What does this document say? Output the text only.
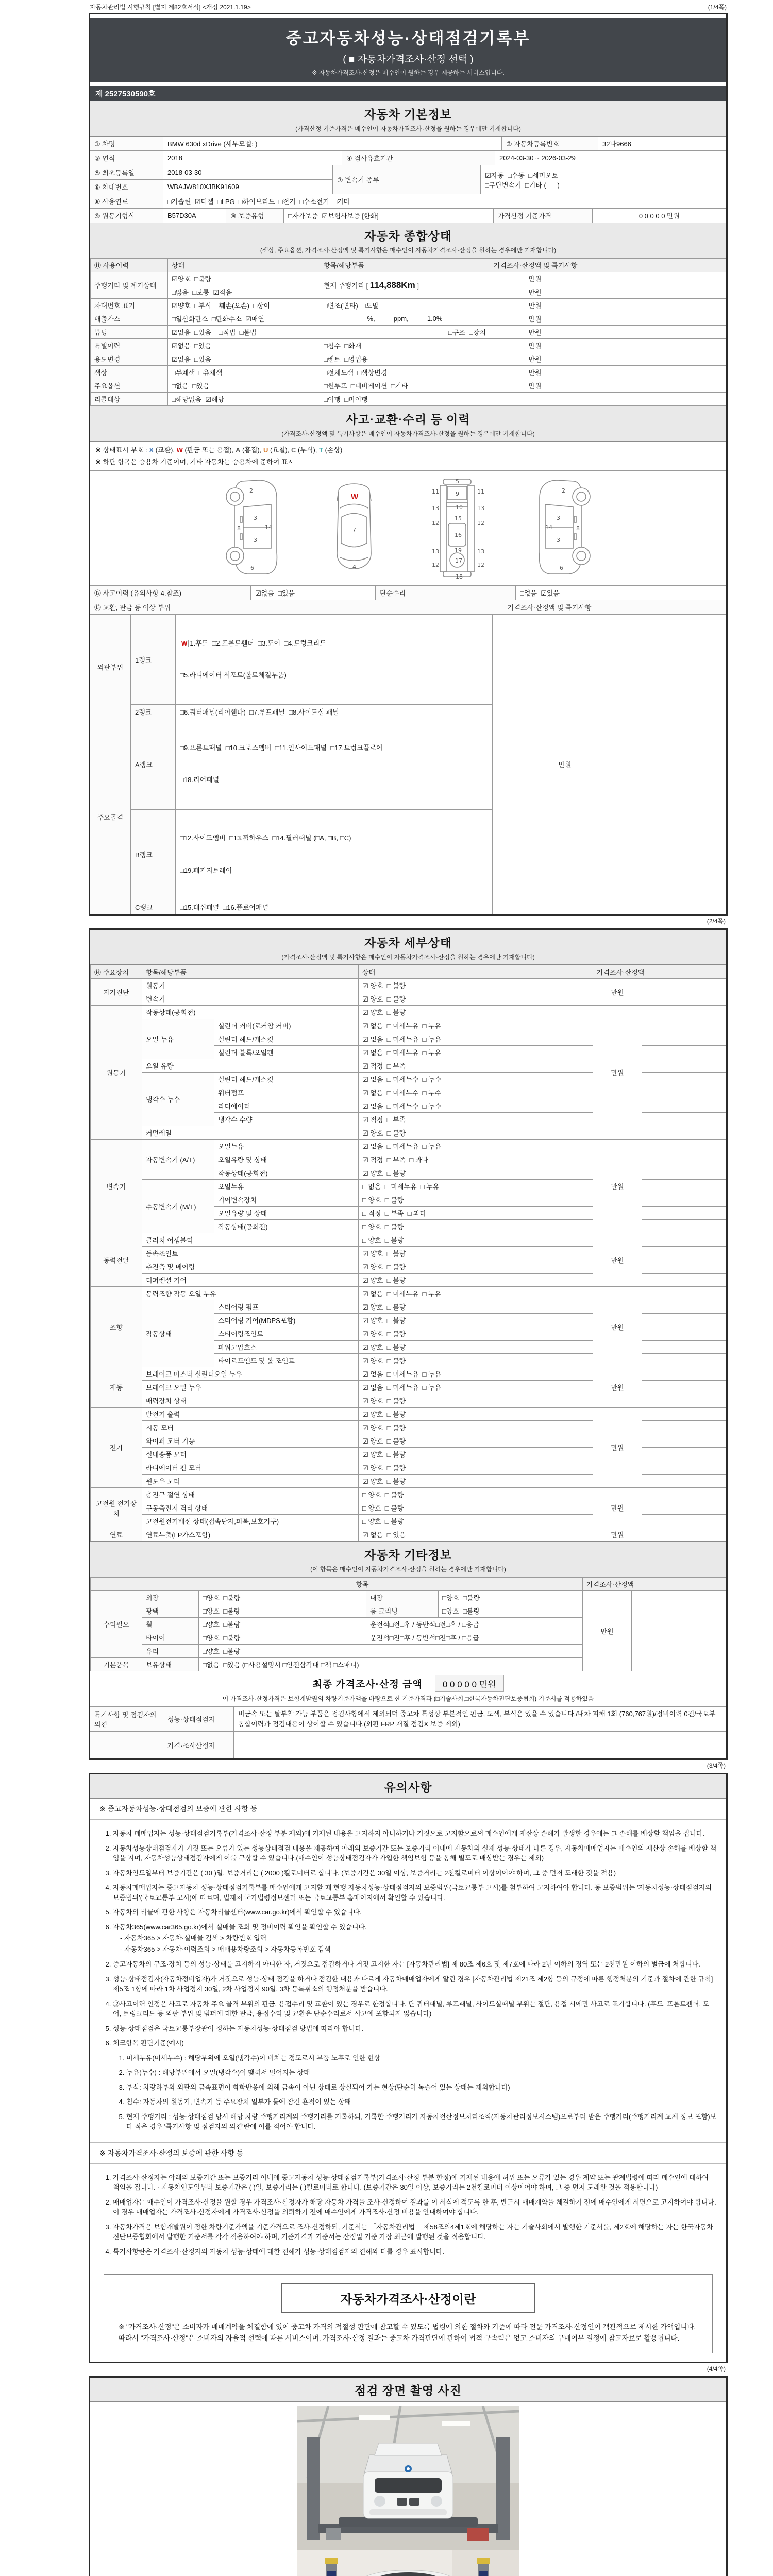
자동차관리법 시행규칙 [별지 제82호서식] <개정 2021.1.19>	(1/4쪽)
중고자동차성능·상태점검기록부
( ■ 자동차가격조사·산정 선택 )
※ 자동차가격조사·산정은 매수인이 원하는 경우 제공하는 서비스입니다.
제 2527530590호
자동차 기본정보
(가격산정 기준가격은 매수인이 자동차가격조사·산정을 원하는 경우에만 기재합니다)
① 차명	BMW 630d xDrive (세부모델: )	② 자동차등록번호	32다9666
③ 연식	2018	④ 검사유효기간	2024-03-30 ~ 2026-03-29
⑤ 최초등록일	2018-03-30
⑥ 차대번호	WBAJW810XJBK91609
⑦ 변속기 종류
☑자동  □수동  □세미오토
□무단변속기  □기타 (      )
⑧ 사용연료	□가솔린  ☑디젤  □LPG  □하이브리드  □전기  □수소전기  □기타
⑨ 원동기형식	B57D30A	⑩ 보증유형	□자가보증  ☑보험사보증 [한화]	가격산정 기준가격	0 0 0 0 0 만원
자동차 종합상태
(색상, 주요옵션, 가격조사·산정액 및 특기사항은 매수인이 자동차가격조사·산정을 원하는 경우에만 기재합니다)
⑪ 사용이력	상태	항목/해당부품	가격조사·산정액 및 특기사항	
주행거리 및 계기상태	☑양호  □불량	현재 주행거리 [ 114,888Km ]	만원	
	□많음  □보통  ☑적음		만원	
차대번호 표기	☑양호  □부식  □훼손(오손)  □상이	□변조(변타)  □도말	만원	
배출가스	□일산화탄소  □탄화수소  ☑매연	%,          ppm,          1.0%	만원	
튜닝	☑없음  □있음 □적법  □불법	□구조  □장치	만원	
특별이력	☑없음  □있음	□침수  □화재	만원	
용도변경	☑없음  □있음	□렌트  □영업용	만원	
색상	□무채색  □유채색	□전체도색  □색상변경	만원	
주요옵션	□없음  □있음	□썬루프  □네비게이션  □기타	만원	
리콜대상	□해당없음  ☑해당	□이행  □미이행		
사고·교환·수리 등 이력
(가격조사·산정액 및 특기사항은 매수인이 자동차가격조사·산정을 원하는 경우에만 기재합니다)
※ 상태표시 부호 : X (교환), W (판금 또는 용접), A (흠집), U (요철), C (부식), T (손상)
※ 하단 항목은 승용차 기준이며, 기타 자동차는 승용차에 준하여 표시
2
8
3
14
3
6
W
7
4
5
9
10
11	11
13	13
12	12
15
16
19
13	13
12	12
17
18
2
8
3
14
3
6
⑫ 사고이력 (유의사항 4.참조)	☑없음  □있음	단순수리	□없음  ☑있음
⑬ 교환, 판금 등 이상 부위	가격조사·산정액 및 특기사항
외판부위
1랭크

W 1.후드  □2.프론트휀더  □3.도어  □4.트렁크리드

□5.라디에이터 서포트(볼트체결부품)

2랭크	□6.쿼터패널(리어휀다)  □7.루프패널  □8.사이드실 패널
주요골격
A랭크

□9.프론트패널  □10.크로스멤버  □11.인사이드패널  □17.트렁크플로어

□18.리어패널

B랭크

□12.사이드멤버  □13.휠하우스  □14.필러패널 (□A, □B, □C)

□19.패키지트레이

C랭크	□15.대쉬패널  □16.플로어패널
만원
(2/4쪽)
자동차 세부상태
(가격조사·산정액 및 특기사항은 매수인이 자동차가격조사·산정을 원하는 경우에만 기재합니다)
⑭ 주요장치	항목/해당부품		상태	가격조사·산정액	
자가진단	원동기		☑ 양호  □ 불량	만원	
	변속기		☑ 양호  □ 불량		
원동기	작동상태(공회전)		☑ 양호  □ 불량	만원	
	오일 누유	실린더 커버(로커암 커버)	☑ 없음  □ 미세누유  □ 누유		
		실린더 헤드/개스킷	☑ 없음  □ 미세누유  □ 누유		
		실린더 블록/오일팬	☑ 없음  □ 미세누유  □ 누유		
	오일 유량		☑ 적정  □ 부족		
	냉각수 누수	실린더 헤드/개스킷	☑ 없음  □ 미세누수  □ 누수		
		워터펌프	☑ 없음  □ 미세누수  □ 누수		
		라디에이터	☑ 없음  □ 미세누수  □ 누수		
		냉각수 수량	☑ 적정  □ 부족		
	커먼레일		☑ 양호  □ 불량		
변속기	자동변속기 (A/T)	오일누유	☑ 없음  □ 미세누유  □ 누유	만원	
		오일유량 및 상태	☑ 적정  □ 부족  □ 과다		
		작동상태(공회전)	☑ 양호  □ 불량		
	수동변속기 (M/T)	오일누유	□ 없음  □ 미세누유  □ 누유		
		기어변속장치	□ 양호  □ 불량		
		오일유량 및 상태	□ 적정  □ 부족  □ 과다		
		작동상태(공회전)	□ 양호  □ 불량		
동력전달	클러치 어셈블리		□ 양호  □ 불량	만원	
	등속죠인트		☑ 양호  □ 불량		
	추진축 및 베어링		☑ 양호  □ 불량		
	디퍼렌셜 기어		☑ 양호  □ 불량		
조향	동력조향 작동 오일 누유		☑ 없음  □ 미세누유  □ 누유	만원	
	작동상태	스티어링 펌프	☑ 양호  □ 불량		
		스티어링 기어(MDPS포함)	☑ 양호  □ 불량		
		스티어링조인트	☑ 양호  □ 불량		
		파워고압호스	☑ 양호  □ 불량		
		타이로드엔드 및 볼 조인트	☑ 양호  □ 불량		
제동	브레이크 마스터 실린더오일 누유		☑ 없음  □ 미세누유  □ 누유	만원	
	브레이크 오일 누유		☑ 없음  □ 미세누유  □ 누유		
	배력장치 상태		☑ 양호  □ 불량		
전기	발전기 출력		☑ 양호  □ 불량	만원	
	시동 모터		☑ 양호  □ 불량		
	와이퍼 모터 기능		☑ 양호  □ 불량		
	실내송풍 모터		☑ 양호  □ 불량		
	라디에이터 팬 모터		☑ 양호  □ 불량		
	윈도우 모터		☑ 양호  □ 불량		
고전원 전기장치	충전구 절연 상태		□ 양호  □ 불량	만원	
	구동축전지 격리 상태		□ 양호  □ 불량		
	고전원전기배선 상태(접속단자,피복,보호기구)		□ 양호  □ 불량		
연료	연료누출(LP가스포함)		☑ 없음  □ 있음	만원	
자동차 기타정보
(이 항목은 매수인이 자동차가격조사·산정을 원하는 경우에만 기재합니다)
	항목				가격조사·산정액	
수리필요	외장	□양호  □불량	내장	□양호  □불량	만원	
	광택	□양호  □불량	룸 크리닝	□양호  □불량		
	휠	□양호  □불량	운전석□전□후 / 동반석□전□후 / □응급			
	타이어	□양호  □불량	운전석□전□후 / 동반석□전□후 / □응급			
	유리	□양호  □불량				
기본품목	보유상태	□없음  □있음 (□사용설명서 □안전삼각대 □잭 □스패너)				
최종 가격조사·산정 금액	0 0 0 0 0 만원
이 가격조사·산정가격은 보험개발원의 차량기준가액을 바탕으로 한 기준가격과 (□기술사회,□한국자동차진단보증협회) 기준서를 적용하였음
특기사항 및 점검자의 의견
성능·상태점검자
비금속 또는 탈부착 가능 부품은 점검사항에서 제외되며 중고차 특성상 부분적인 판금, 도색, 부식은 있을 수 있습니다./내차 피해 1회 (760,767원)/정비이력 0건/국토부 통합이력과 점검내용이 상이할 수 있습니다.(외판 FRP 재질 점검X 보증 제외)
가격·조사산정자
(3/4쪽)
유의사항
※ 중고자동차성능·상태점검의 보증에 관한 사항 등
1. 자동차 매매업자는 성능·상태점검기록부(가격조사·산정 부분 제외)에 기재된 내용을 고지하지 아니하거나 거짓으로 고지함으로써 매수인에게 재산상 손해가 발생한 경우에는 그 손해를 배상할 책임을 집니다.
2. 자동차성능상태점검자가 거짓 또는 오류가 있는 성능상태점검 내용을 제공하여 아래의 보증기간 또는 보증거리 이내에 자동차의 실제 성능·상태가 다른 경우, 자동차매매업자는 매수인의 재산상 손해를 배상할 책임을 지며, 자동차성능상태점검자에게 이를 구상할 수 있습니다.(매수인이 성능상태점검자가 가입한 책임보험 등을 통해 별도로 배상받는 경우는 제외)
3. 자동차인도일부터 보증기간은 ( 30 )일, 보증거리는 ( 2000 )킬로미터로 합니다. (보증기간은 30일 이상, 보증거리는 2천킬로미터 이상이어야 하며, 그 중 먼저 도래한 것을 적용)
4. 자동차매매업자는 중고자동차 성능·상태점검기록부를 매수인에게 고지할 때 현행 자동차성능·상태점검자의 보증범위(국토교통부 고시)를 첨부하여 고지하여야 합니다. 동 보증범위는 '자동차성능·상태점검자의 보증범위'(국토교통부 고시)에 따르며, 법제처 국가법령정보센터 또는 국토교통부 홈페이지에서 확인할 수 있습니다.
5. 자동차의 리콜에 관한 사항은 자동차리콜센터(www.car.go.kr)에서 확인할 수 있습니다.
6. 자동차365(www.car365.go.kr)에서 실매물 조회 및 정비이력 확인을 확인할 수 있습니다.
- 자동차365 > 자동차·실매물 검색 > 차량번호 입력
- 자동차365 > 자동차·이력조회 > 매매용차량조회 > 자동차등록번호 검색
2. 중고자동차의 구조·장치 등의 성능·상태를 고지하지 아니한 자, 거짓으로 점검하거나 거짓 고지한 자는 [자동차관리법] 제 80조 제6호 및 제7호에 따라 2년 이하의 징역 또는 2천만원 이하의 벌금에 처합니다.
3. 성능·상태점검자(자동차정비업자)가 거짓으로 성능·상태 점검을 하거나 점검한 내용과 다르게 자동차매매업자에게 알린 경우 [자동차관리법 제21조 제2항 등의 규정에 따른 행정처분의 기준과 절차에 관한 규칙] 제5조 1항에 따라 1차 사업정지 30일, 2차 사업정지 90일, 3차 등록취소의 행정처분을 받습니다.
4. ⑫사고이력 인정은 사고로 자동차 주요 골격 부위의 판금, 용접수리 및 교환이 있는 경우로 한정합니다. 단 쿼터패널, 루프패널, 사이드실패널 부위는 절단, 용접 시에만 사고로 표기합니다. (후드, 프론트펜더, 도어, 트렁크리드 등 외판 부위 및 범퍼에 대한 판금, 용접수리 및 교환은 단순수리로서 사고에 포함되지 않습니다)
5. 성능·상태점검은 국토교통부장관이 정하는 자동차성능·상태점검 방법에 따라야 합니다.
6. 체크항목 판단기준(예시)
1. 미세누유(미세누수) : 해당부위에 오일(냉각수)이 비치는 정도로서 부품 노후로 인한 현상
2. 누유(누수) : 해당부위에서 오일(냉각수)이 맺혀서 떨어지는 상태
3. 부식: 차량하부와 외판의 금속표면이 화학반응에 의해 금속이 아닌 상태로 상실되어 가는 현상(단순히 녹슬어 있는 상태는 제외합니다)
4. 침수: 자동차의 원동기, 변속기 등 주요장치 일부가 물에 잠긴 흔적이 있는 상태
5. 현재 주행거리 : 성능·상태점검 당시 해당 차량 주행거리계의 주행거리를 기록하되, 기록한 주행거리가 자동차전산정보처리조직(자동차관리정보시스템)으로부터 받은 주행거리(주행거리계 교체 정보 포함)보다 적은 경우 '특기사항 및 점검자의 의견'란에 이를 적어야 합니다.
※ 자동차가격조사·산정의 보증에 관한 사항 등
1. 가격조사·산정자는 아래의 보증기간 또는 보증거리 이내에 중고자동차 성능·상태점검기록부(가격조사·산정 부분 한정)에 기재된 내용에 허위 또는 오류가 있는 경우 계약 또는 관계법령에 따라 매수인에 대하여 책임을 집니다. · 자동차인도일부터 보증기간은 ( )일, 보증거리는 ( )킬로미터로 합니다. (보증기간은 30일 이상, 보증거리는 2천킬로미터 이상이어야 하며, 그 중 먼저 도래한 것을 적용합니다)
2. 매매업자는 매수인이 가격조사·산정을 원할 경우 가격조사·산정자가 해당 자동차 가격을 조사·산정하여 결과를 이 서식에 적도록 한 후, 반드시 매매계약을 체결하기 전에 매수인에게 서면으로 고지하여야 합니다. 이 경우 매매업자는 가격조사·산정자에게 가격조사·산정을 의뢰하기 전에 매수인에게 가격조사·산정 비용을 안내하여야 합니다.
3. 자동차가격은 보험개발원이 정한 차량기준가액을 기준가격으로 조사·산정하되, 기준서는 「자동차관리법」 제58조의4제1호에 해당하는 자는 기술사회에서 발행한 기준서를, 제2호에 해당하는 자는 한국자동차진단보증협회에서 발행한 기준서를 각각 적용하여야 하며, 기준가격과 기준서는 산정일 기준 가장 최근에 발행된 것을 적용합니다.
4. 특기사항란은 가격조사·산정자의 자동차 성능·상태에 대한 견해가 성능·상태점검자의 견해와 다를 경우 표시합니다.
자동차가격조사·산정이란
※ "가격조사·산정"은 소비자가 매매계약을 체결함에 있어 중고차 가격의 적절성 판단에 참고할 수 있도록 법령에 의한 절차와 기준에 따라 전문 가격조사·산정인이 객관적으로 제시한 가액입니다. 따라서 "가격조사·산정"은 소비자의 자율적 선택에 따른 서비스이며, 가격조사·산정 결과는 중고차 가격판단에 관하여 법적 구속력은 없고 소비자의 구매여부 결정에 참고자료로 활용됩니다.
(4/4쪽)
점검 장면 촬영 사진
